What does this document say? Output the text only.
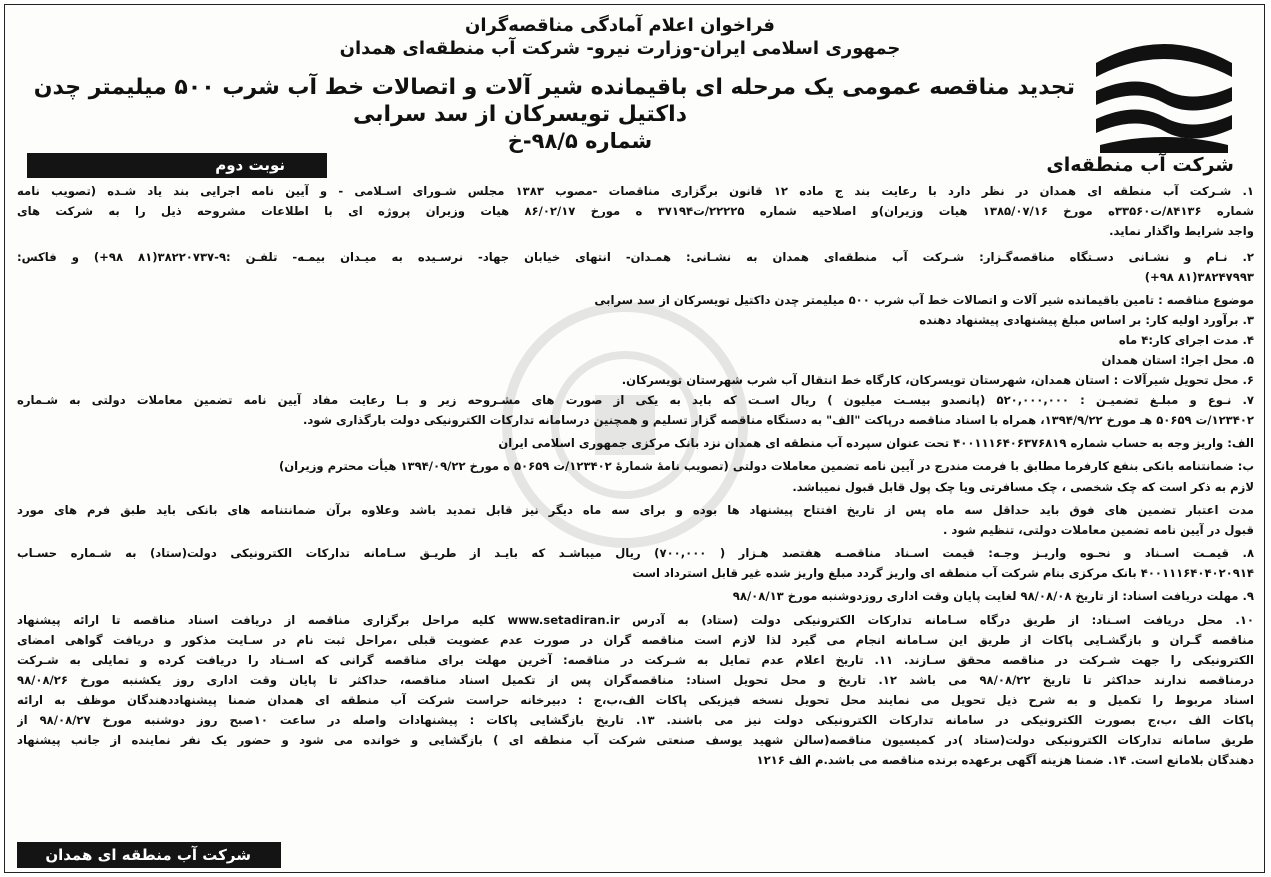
شرکت آب منطقه‌ای
فراخوان اعلام آمادگی مناقصه‌گران
جمهوری اسلامی ایران-وزارت نیرو- شرکت آب منطقه‌ای همدان
تجدید مناقصه عمومی یک مرحله ای باقیمانده شیر آلات و اتصالات خط آب شرب ۵۰۰ میلیمتر چدن
داکتیل تویسرکان از سد سرابی
شماره ۹۸/۵-خ
نوبت دوم
۱. شـرکت آب منطقه ای همدان در نظر دارد با رعایت بند ج ماده ۱۲ قانون برگزاری مناقصات -مصوب ۱۳۸۳ مجلس شـورای اسـلامی - و آیین نامه اجرایی بند یاد شـده (تصویب نامه
شماره ۸۴۱۳۶/ت۳۳۵۶۰ه مورخ ۱۳۸۵/۰۷/۱۶ هیات وزیران)و اصلاحیه شماره ۲۲۲۲۵/ت۳۷۱۹۴ ه مورخ ۸۶/۰۲/۱۷ هیات وزیران پروژه ای با اطلاعات مشروحه ذیل را به شرکت های
واجد شرایط واگذار نماید.
۲. نـام و نشـانی دسـتگاه مناقصه‌گـزار: شـرکت آب منطقه‌ای همدان به نشـانی: همـدان- انتهای خیابان جهاد- نرسـیده به میـدان بیمـه- تلفـن :۹-۳۸۲۲۰۷۳۷(۸۱ ۹۸+) و فاکس:
۳۸۲۴۷۹۹۳(۸۱ ۹۸+)
موضوع مناقصه : تامین باقیمانده شیر آلات و اتصالات خط آب شرب ۵۰۰ میلیمتر چدن داکتیل تویسرکان از سد سرابی
۳. برآورد اولیه کار: بر اساس مبلغ پیشنهادی پیشنهاد دهنده
۴. مدت اجرای کار:۴ ماه
۵. محل اجرا: استان همدان
۶. محل تحویل شیرآلات : استان همدان، شهرستان تویسرکان، کارگاه خط انتقال آب شرب شهرستان تویسرکان.
۷. نـوع و مبلـغ تضمیـن : ۵۲۰,۰۰۰,۰۰۰ (پانصدو بیسـت میلیون ) ریال اسـت که باید به یکی از صورت های مشـروحه زیر و بـا رعایت مفاد آیین نامه تضمین معاملات دولتی به شـماره
۱۲۳۴۰۲/ت ۵۰۶۵۹ هـ مورخ ۱۳۹۴/۹/۲۲، همراه با اسناد مناقصه درپاکت "الف" به دستگاه مناقصه گزار تسلیم و همچنین درسامانه تدارکات الکترونیکی دولت بارگذاری شود.
الف: واریز وجه به حساب شماره ۴۰۰۱۱۱۶۴۰۶۳۷۶۸۱۹ تحت عنوان سپرده آب منطقه ای همدان نزد بانک مرکزی جمهوری اسلامی ایران
ب: ضمانتنامه بانکی بنفع کارفرما مطابق با فرمت مندرج در آیین نامه تضمین معاملات دولتی (تصویب نامهٔ شمارهٔ ۱۲۳۴۰۲/ت ۵۰۶۵۹ ه مورخ ۱۳۹۴/۰۹/۲۲ هیأت محترم وزیران)
لازم به ذکر است که چک شخصی ، چک مسافرتی ویا چک پول قابل قبول نمیباشد.
مدت اعتبار تضمین های فوق باید حداقل سه ماه پس از تاریخ افتتاح پیشنهاد ها بوده و برای سه ماه دیگر نیز قابل تمدید باشد وعلاوه برآن ضمانتنامه های بانکی باید طبق فرم های مورد
قبول در آیین نامه تضمین معاملات دولتی، تنظیم شود .
۸. قیمـت اسـناد و نحـوه واریـز وجـه: قیمت اسـناد مناقصـه هفتصد هـزار ( ۷۰۰,۰۰۰) ریال میباشـد که بایـد از طریـق سـامانه تدارکات الکترونیکی دولت(ستاد) به شـماره حسـاب
۴۰۰۱۱۱۶۴۰۴۰۲۰۹۱۴ بانک مرکزی بنام شرکت آب منطقه ای واریز گردد مبلغ واریز شده غیر قابل استرداد است
۹. مهلت دریافت اسناد: از تاریخ ۹۸/۰۸/۰۸ لغایت پایان وقت اداری روزدوشنبه مورخ ۹۸/۰۸/۱۳
۱۰. محل دریافت اسـناد: از طریق درگاه سـامانه تدارکات الکترونیکی دولت (ستاد) به آدرس www.setadiran.ir کلیه مراحل برگزاری مناقصه از دریافت اسناد مناقصه تا ارائه پیشنهاد
مناقصه گـران و بازگشـایی پاکات از طریق این سـامانه انجام می گیرد لذا لازم است مناقصه گران در صورت عدم عضویت قبلی ،مراحل ثبت نام در سـایت مذکور و دریافت گواهی امضای
الکترونیکی را جهت شـرکت در مناقصه محقق سـازند. ۱۱. تاریخ اعلام عدم تمایل به شـرکت در مناقصه: آخرین مهلت برای مناقصه گرانی که اسـناد را دریافت کرده و تمایلی به شـرکت
درمناقصه ندارند حداکثر تا تاریخ ۹۸/۰۸/۲۲ می باشد ۱۲. تاریخ و محل تحویل اسناد: مناقصه‌گران پس از تکمیل اسناد مناقصه، حداکثر تا پایان وقت اداری روز یکشنبه مورخ ۹۸/۰۸/۲۶
اسناد مربوط را تکمیل و به شرح ذیل تحویل می نمایند محل تحویل نسخه فیزیکی پاکات الف،ب،ج : دبیرخانه حراست شرکت آب منطقه ای همدان ضمنا پیشنهاددهندگان موظف به ارائه
پاکات الف ،ب،ج بصورت الکترونیکی در سامانه تدارکات الکترونیکی دولت نیز می باشند. ۱۳. تاریخ بازگشایی پاکات : پیشنهادات واصله در ساعت ۱۰صبح روز دوشنبه مورخ ۹۸/۰۸/۲۷ از
طریق سامانه تدارکات الکترونیکی دولت(ستاد )در کمیسیون مناقصه(سالن شهید یوسف صنعتی شرکت آب منطقه ای ) بازگشایی و خوانده می شود و حضور یک نفر نماینده از جانب پیشنهاد
دهندگان بلامانع است. ۱۴. ضمنا هزینه آگهی برعهده برنده مناقصه می باشد.م الف ۱۲۱۶
شرکت آب منطقه ای همدان
